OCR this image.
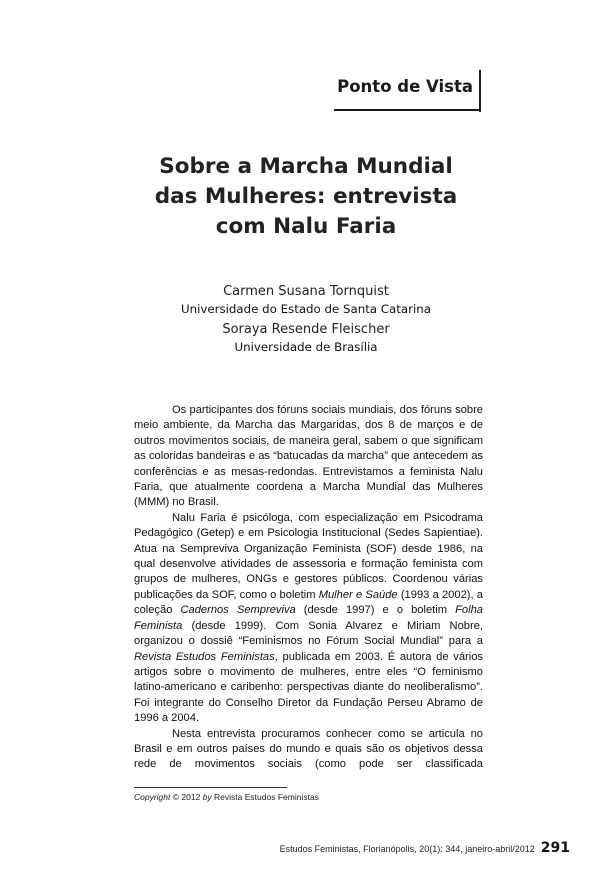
Ponto de Vista
Sobre a Marcha Mundial
das Mulheres: entrevista
com Nalu Faria
Carmen Susana Tornquist
Universidade do Estado de Santa Catarina
Soraya Resende Fleischer
Universidade de Brasília

Os participantes dos fóruns sociais mundiais, dos fóruns sobre meio ambiente, da Marcha das Margaridas, dos 8 de marços e de outros movimentos sociais, de maneira geral, sabem o que significam as coloridas bandeiras e as “batucadas da marcha” que antecedem as conferências e as mesas-redondas. Entrevistamos a feminista Nalu Faria, que atualmente coordena a Marcha Mundial das Mulheres (MMM) no Brasil.

Nalu Faria é psicóloga, com especialização em Psicodrama Pedagógico (Getep) e em Psicologia Institucional (Sedes Sapientiae). Atua na Sempreviva Organização Feminista (SOF) desde 1986, na qual desenvolve atividades de assessoria e formação feminista com grupos de mulheres, ONGs e gestores públicos. Coordenou várias publicações da SOF, como o boletim Mulher e Saúde (1993 a 2002), a coleção Cadernos Sempreviva (desde 1997) e o boletim Folha Feminista (desde 1999). Com Sonia Alvarez e Miriam Nobre, organizou o dossiê “Feminismos no Fórum Social Mundial” para a Revista Estudos Feministas, publicada em 2003. É autora de vários artigos sobre o movimento de mulheres, entre eles “O feminismo latino-americano e caribenho: perspectivas diante do neoliberalismo”. Foi integrante do Conselho Diretor da Fundação Perseu Abramo de 1996 a 2004.

Nesta entrevista procuramos conhecer como se articula no Brasil e em outros países do mundo e quais são os objetivos dessa rede de movimentos sociais (como pode ser classificada

Copyright © 2012 by Revista Estudos Feministas
Estudos Feministas, Florianópolis, 20(1): 344, janeiro-abril/2012 291
